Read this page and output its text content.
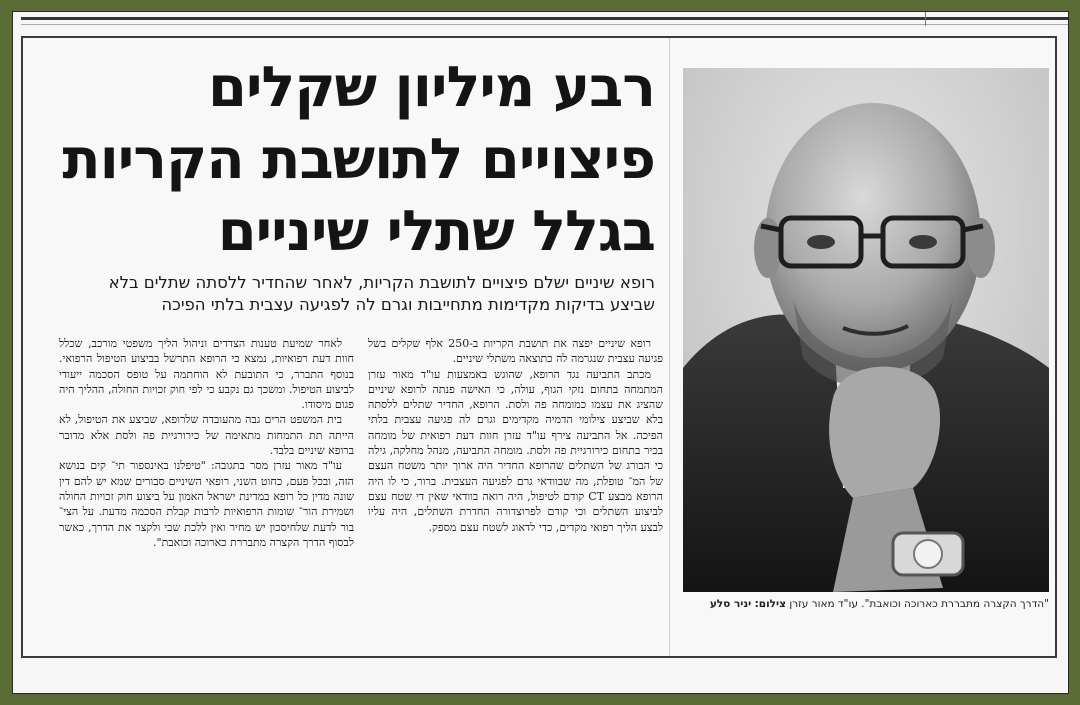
רבע מיליון שקלים
פיצויים לתושבת הקריות
בגלל שתלי שיניים
רופא שיניים ישלם פיצויים לתושבת הקריות, לאחר שהחדיר ללסתה שתלים בלא
שביצע בדיקות מקדימות מתחייבות וגרם לה לפגיעה עצבית בלתי הפיכה

רופא שיניים יפצה את תושבת הקריות ב-250 אלף שקלים בשל פגיעה עצבית שנגרמה לה כתוצאה משתלי שיניים.

מכתב התביעה נגד הרופא, שהוגש באמצעות עו"ד מאור עזרן המתמחה בתחום נזקי הגוף, עולה, כי האישה פנתה לרופא שיניים שהציג את עצמו כמומחה פה ולסת. הרופא, החדיר שתלים ללסתה בלא שביצע צילומי הדמיה מקדימים וגרם לה פגיעה עצבית בלתי הפיכה. אל התביעה צירף עו"ד עזרן חוות דעת רפואית של מומחה בכיר בתחום כירורגיית פה ולסת. מומחה התביעה, מנהל מחלקה, גילה כי הבורג של השתלים שהרופא החדיר היה ארוך יותר משטח העצם של המ־ טופלת, מה שבוודאי גרם לפגיעה העצבית. ברור, כי לו היה הרופא מבצע CT קודם לטיפול, היה רואה בוודאי שאין די שטח עצם לביצוע השתלים וכי קודם לפרוצדורה החדרת השתלים, היה עליו לבצע הליך רפואי מקדים, כדי לדאוג לשטח עצם מספק.

לאחר שמיעת טענות הצדדים וניהול הליך משפטי מורכב, שכלל חוות דעת רפואיות, נמצא כי הרופא התרשל בביצוע הטיפול הרפואי. בנוסף התברר, כי התובעת לא הוחתמה על טופס הסכמה ייעודי לביצוע הטיפול. ומשכך גם נקבע כי לפי חוק זכויות החולה, ההליך היה פגום מיסודו.

בית המשפט הרים גבה מהעובדה שלרופא, שביצע את הטיפול, לא הייתה תת התמחות מתאימה של כירורגיית פה ולסת אלא מדובר ברופא שיניים בלבד.

עו"ד מאור עזרן מסר בתגובה: "טיפלנו באינספור תי־ קים בנושא הזה, ובכל פעם, כחוט השני, רופאי השיניים סבורים שמא יש להם דין שונה מדין כל רופא במדינת ישראל האמון על ביצוע חוק זכויות החולה ושמירת הור־ שומות הרפואיות לרבות קבלת הסכמה מדעת. על הצי־ בור לדעת שלחיסכון יש מחיר ואין ללכת שבי ולקצר את הדרך, כאשר לבסוף הדרך הקצרה מתבררת כארוכה וכואבת".

"הדרך הקצרה מתבררת כארוכה וכואבת". עו"ד מאור עזרן צילום: יניר סלע
